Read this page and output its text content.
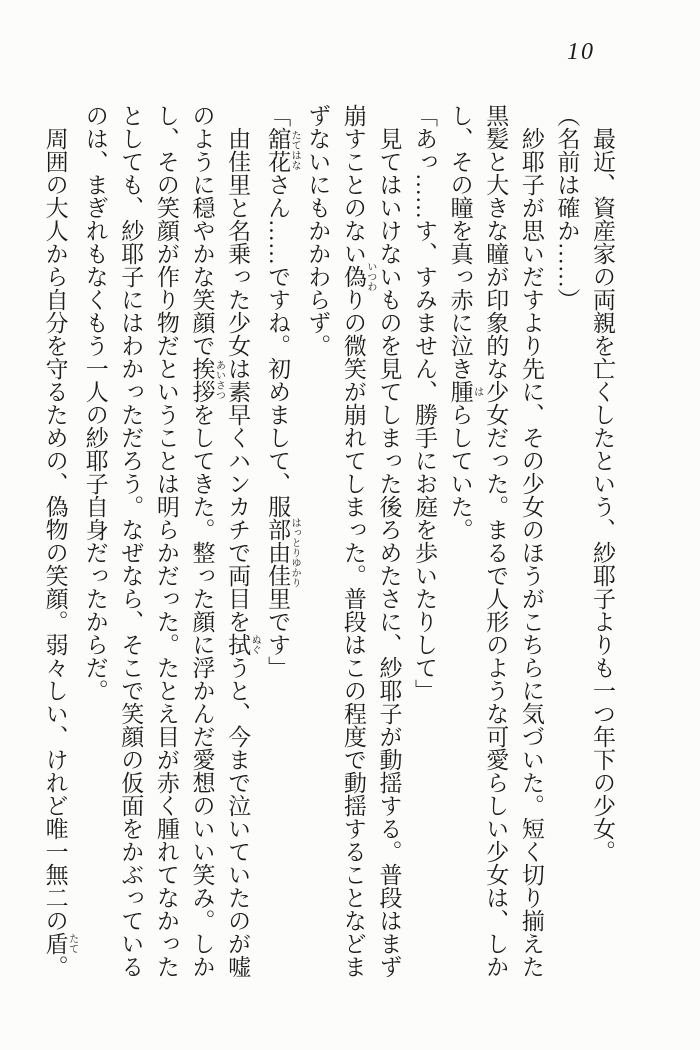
10

最近、資産家の両親を亡くしたという、紗耶子よりも一つ年下の少女。

（名前は確か……）

紗耶子が思いだすより先に、その少女のほうがこちらに気づいた。短く切り揃えた黒髪と大きな瞳が印象的な少女だった。まるで人形のような可愛らしい少女は、しかし、その瞳を真っ赤に泣き腫 はらしていた。

「あっ……す、すみません、勝手にお庭を歩いたりして」

見てはいけないものを見てしまった後ろめたさに、紗耶子が動揺する。普段はまず崩すことのない偽 いつわりの微笑が崩れてしまった。普段はこの程度で動揺することなどまずないにもかかわらず。

「舘花 たてはなさん……ですね。初めまして、服部由佳里 はっとりゆかりです」

由佳里と名乗った少女は素早くハンカチで両目を拭 ぬぐうと、今まで泣いていたのが嘘のように穏やかな笑顔で挨拶 あいさつをしてきた。整った顔に浮かんだ愛想のいい笑み。しかし、その笑顔が作り物だということは明らかだった。たとえ目が赤く腫れてなかったとしても、紗耶子にはわかっただろう。なぜなら、そこで笑顔の仮面をかぶっているのは、まぎれもなくもう一人の紗耶子自身だったからだ。

周囲の大人から自分を守るための、偽物の笑顔。弱々しい、けれど唯一無二の盾 たて。
